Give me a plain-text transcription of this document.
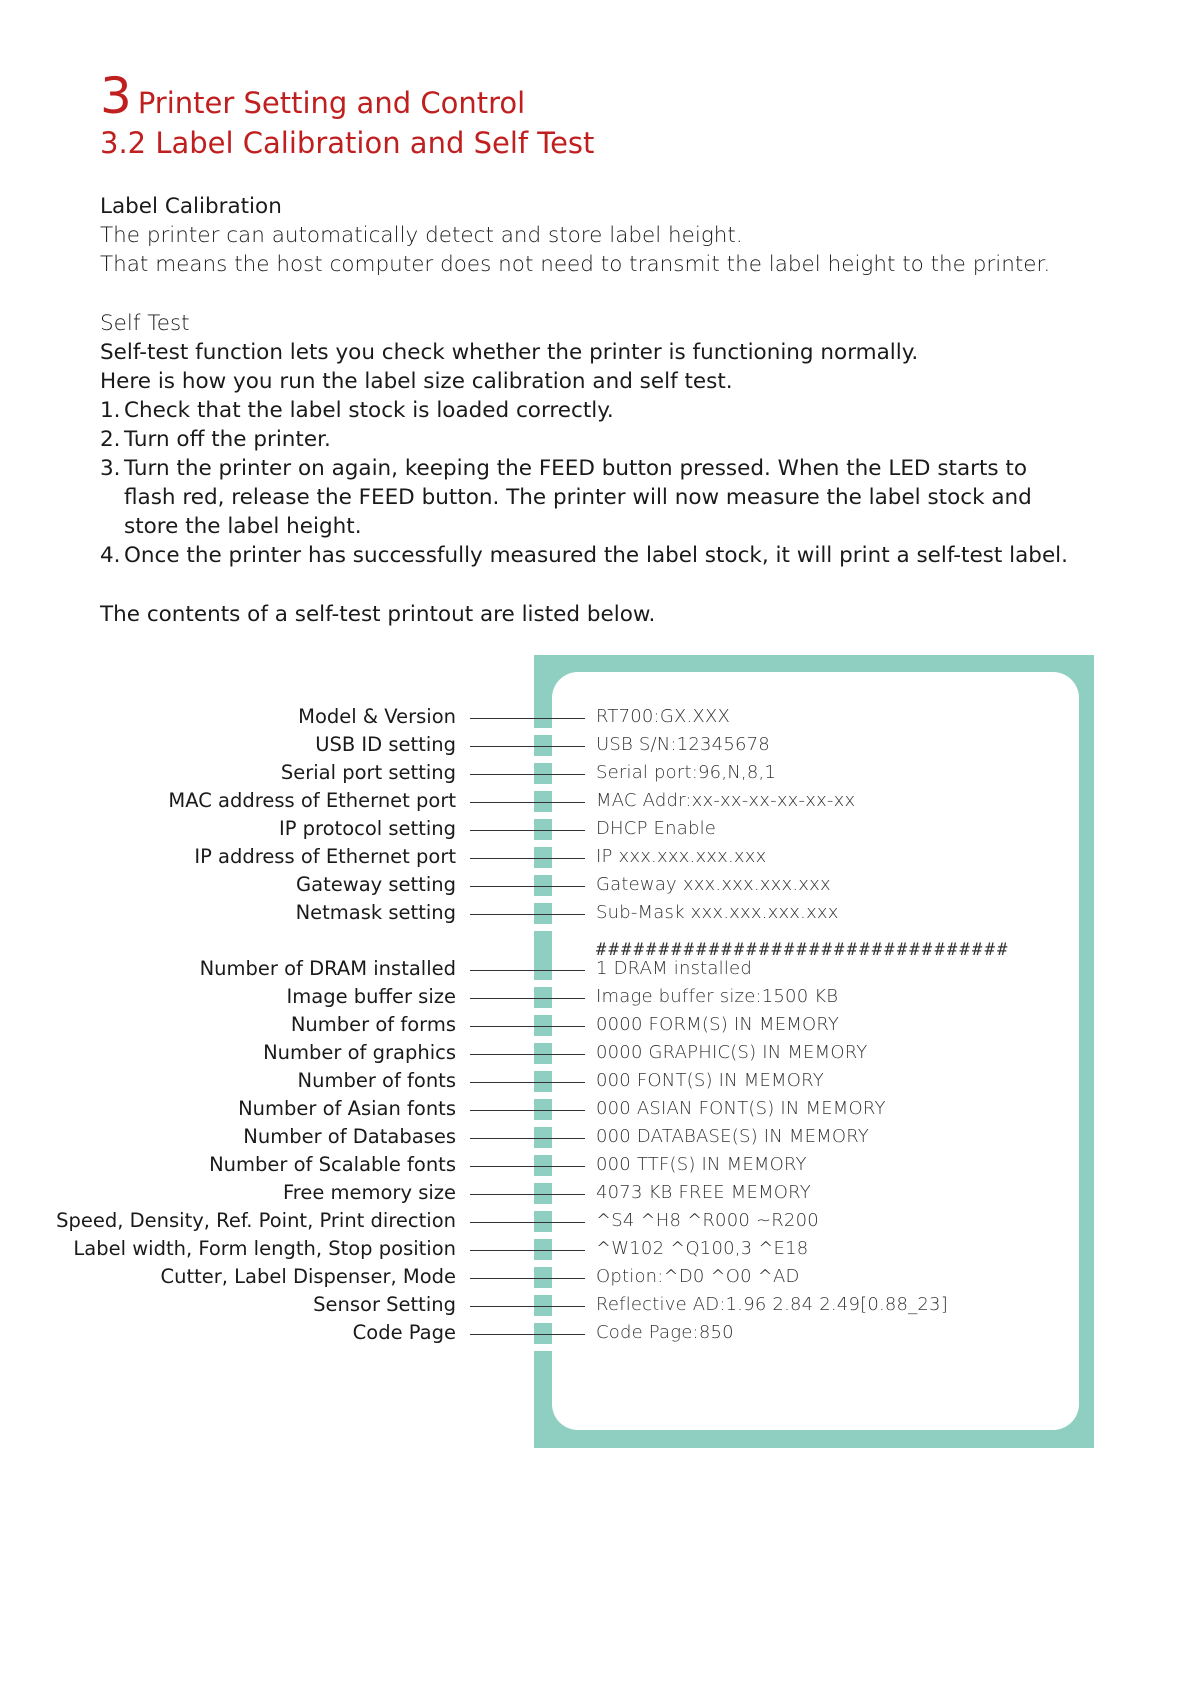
3 Printer Setting and Control
3.2 Label Calibration and Self Test
Label Calibration
The printer can automatically detect and store label height.
That means the host computer does not need to transmit the label height to the printer.
Self Test
Self-test function lets you check whether the printer is functioning normally.
Here is how you run the label size calibration and self test.
1. Check that the label stock is loaded correctly.
2. Turn off the printer.
3. Turn the printer on again, keeping the FEED button pressed. When the LED starts to flash red, release the FEED button. The printer will now measure the label stock and store the label height.
4. Once the printer has successfully measured the label stock, it will print a self-test label.
The contents of a self-test printout are listed below.
#################################
Model & Version	RT700:GX.XXX
USB ID setting	USB S/N:12345678
Serial port setting	Serial port:96,N,8,1
MAC address of Ethernet port	MAC Addr:xx-xx-xx-xx-xx-xx
IP protocol setting	DHCP Enable
IP address of Ethernet port	IP xxx.xxx.xxx.xxx
Gateway setting	Gateway xxx.xxx.xxx.xxx
Netmask setting	Sub-Mask xxx.xxx.xxx.xxx
Number of DRAM installed	1 DRAM installed
Image buffer size	Image buffer size:1500 KB
Number of forms	0000 FORM(S) IN MEMORY
Number of graphics	0000 GRAPHIC(S) IN MEMORY
Number of fonts	000 FONT(S) IN MEMORY
Number of Asian fonts	000 ASIAN FONT(S) IN MEMORY
Number of Databases	000 DATABASE(S) IN MEMORY
Number of Scalable fonts	000 TTF(S) IN MEMORY
Free memory size	4073 KB FREE MEMORY
Speed, Density, Ref. Point, Print direction	^S4 ^H8 ^R000 ~R200
Label width, Form length, Stop position	^W102 ^Q100,3 ^E18
Cutter, Label Dispenser, Mode	Option:^D0 ^O0 ^AD
Sensor Setting	Reflective AD:1.96 2.84 2.49[0.88_23]
Code Page	Code Page:850
